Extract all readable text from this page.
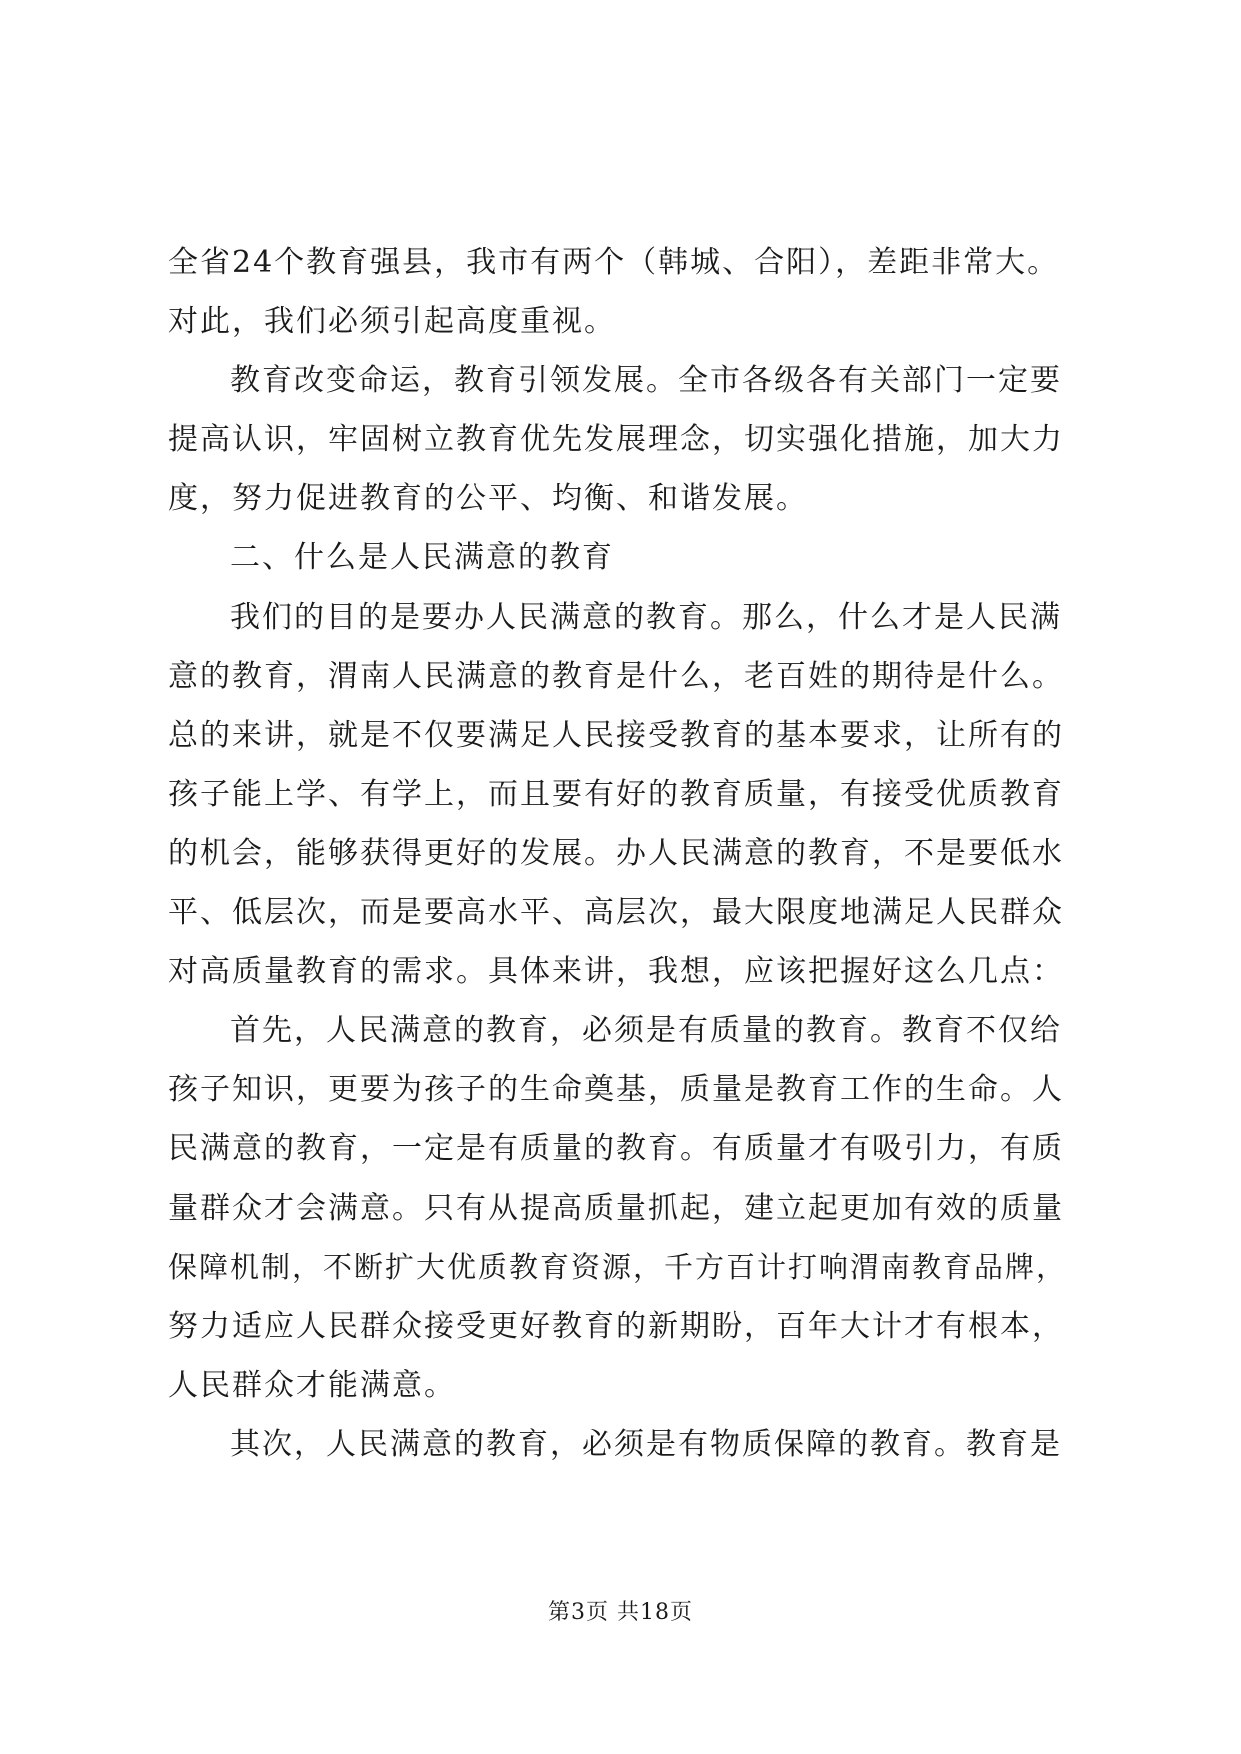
全省24个教育强县，我市有两个（韩城、合阳），差距非常大。
对此，我们必须引起高度重视。
教育改变命运，教育引领发展。全市各级各有关部门一定要
提高认识，牢固树立教育优先发展理念，切实强化措施，加大力
度，努力促进教育的公平、均衡、和谐发展。
二、什么是人民满意的教育
我们的目的是要办人民满意的教育。那么，什么才是人民满
意的教育，渭南人民满意的教育是什么，老百姓的期待是什么。
总的来讲，就是不仅要满足人民接受教育的基本要求，让所有的
孩子能上学、有学上，而且要有好的教育质量，有接受优质教育
的机会，能够获得更好的发展。办人民满意的教育，不是要低水
平、低层次，而是要高水平、高层次，最大限度地满足人民群众
对高质量教育的需求。具体来讲，我想，应该把握好这么几点：
首先，人民满意的教育，必须是有质量的教育。教育不仅给
孩子知识，更要为孩子的生命奠基，质量是教育工作的生命。人
民满意的教育，一定是有质量的教育。有质量才有吸引力，有质
量群众才会满意。只有从提高质量抓起，建立起更加有效的质量
保障机制，不断扩大优质教育资源，千方百计打响渭南教育品牌，
努力适应人民群众接受更好教育的新期盼，百年大计才有根本，
人民群众才能满意。
其次，人民满意的教育，必须是有物质保障的教育。教育是
第3页 共18页
